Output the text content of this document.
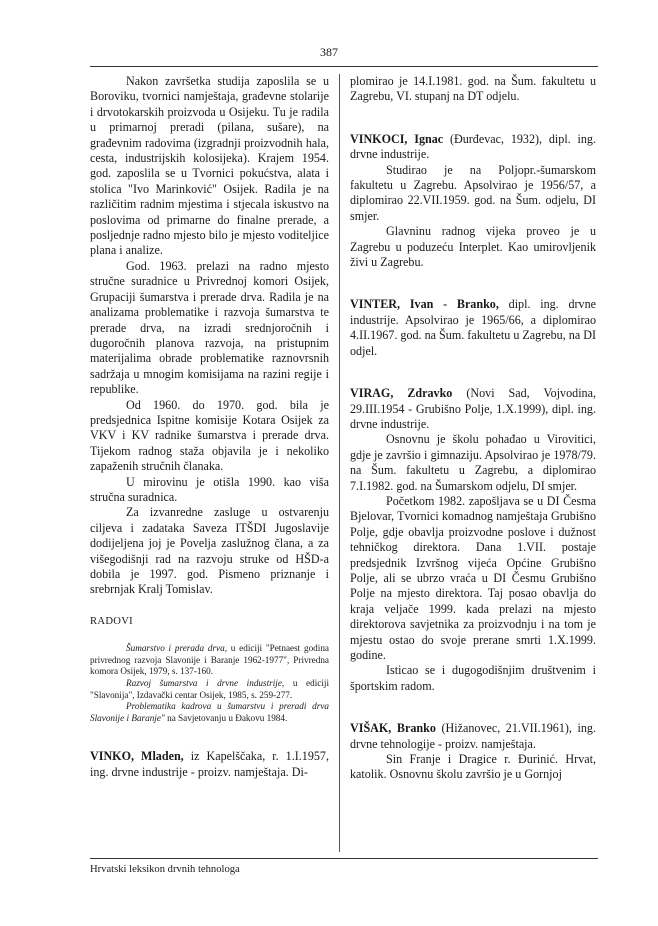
387

Nakon završetka studija zaposlila se u Boroviku, tvornici namještaja, građevne stolarije i drvotokarskih proizvoda u Osijeku. Tu je radila u primarnoj preradi (pilana, sušare), na građevnim radovima (izgradnji proizvodnih hala, cesta, industrijskih kolosijeka). Krajem 1954. god. zaposlila se u Tvornici pokućstva, alata i stolica "Ivo Marinković" Osijek. Radila je na različitim radnim mjestima i stjecala iskustvo na poslovima od primarne do finalne prerade, a posljednje radno mjesto bilo je mjesto voditeljice plana i analize.

God. 1963. prelazi na radno mjesto stručne suradnice u Privrednoj komori Osijek, Grupaciji šumarstva i prerade drva. Radila je na analizama problematike i razvoja šumarstva te prerade drva, na izradi srednjoročnih i dugoročnih planova razvoja, na pristupnim materijalima obrade problematike raznovrsnih sadržaja u mnogim komisijama na razini regije i republike.

Od 1960. do 1970. god. bila je predsjednica Ispitne komisije Kotara Osijek za VKV i KV radnike šumarstva i prerade drva. Tijekom radnog staža objavila je i nekoliko zapaženih stručnih članaka.

U mirovinu je otišla 1990. kao viša stručna suradnica.

Za izvanredne zasluge u ostvarenju ciljeva i zadataka Saveza ITŠDI Jugoslavije dodijeljena joj je Povelja zaslužnog člana, a za višegodišnji rad na razvoju struke od HŠD-a dobila je 1997. god. Pismeno priznanje i srebrnjak Kralj Tomislav.

RADOVI

Šumarstvo i prerada drva, u ediciji "Petnaest godina privrednog razvoja Slavonije i Baranje 1962-1977", Privredna komora Osijek, 1979, s. 137-160.

Razvoj šumarstva i drvne industrije, u ediciji "Slavonija", Izdavački centar Osijek, 1985, s. 259-277.

Problematika kadrova u šumarstvu i preradi drva Slavonije i Baranje" na Savjetovanju u Đakovu 1984.

VINKO, Mladen, iz Kapelščaka, r. 1.I.1957, ing. drvne industrije - proizv. namještaja. Di-

plomirao je 14.I.1981. god. na Šum. fakultetu u Zagrebu, VI. stupanj na DT odjelu.

VINKOCI, Ignac (Đurđevac, 1932), dipl. ing. drvne industrije.

Studirao je na Poljopr.-šumarskom fakultetu u Zagrebu. Apsolvirao je 1956/57, a diplomirao 22.VII.1959. god. na Šum. odjelu, DI smjer.

Glavninu radnog vijeka proveo je u Zagrebu u poduzeću Interplet. Kao umirovljenik živi u Zagrebu.

VINTER, Ivan - Branko, dipl. ing. drvne industrije. Apsolvirao je 1965/66, a diplomirao 4.II.1967. god. na Šum. fakultetu u Zagrebu, na DI odjel.

VIRAG, Zdravko (Novi Sad, Vojvodina, 29.III.1954 - Grubišno Polje, 1.X.1999), dipl. ing. drvne industrije.

Osnovnu je školu pohađao u Virovitici, gdje je završio i gimnaziju. Apsolvirao je 1978/79. na Šum. fakultetu u Zagrebu, a diplomirao 7.I.1982. god. na Šumarskom odjelu, DI smjer.

Početkom 1982. zapošljava se u DI Česma Bjelovar, Tvornici komadnog namještaja Grubišno Polje, gdje obavlja proizvodne poslove i dužnost tehničkog direktora. Dana 1.VII. postaje predsjednik Izvršnog vijeća Općine Grubišno Polje, ali se ubrzo vraća u DI Česmu Grubišno Polje na mjesto direktora. Taj posao obavlja do kraja veljače 1999. kada prelazi na mjesto direktorova savjetnika za proizvodnju i na tom je mjestu ostao do svoje prerane smrti 1.X.1999. godine.

Isticao se i dugogodišnjim društvenim i športskim radom.

VIŠAK, Branko (Hižanovec, 21.VII.1961), ing. drvne tehnologije - proizv. namještaja.

Sin Franje i Dragice r. Đurinić. Hrvat, katolik. Osnovnu školu završio je u Gornjoj

Hrvatski leksikon drvnih tehnologa
